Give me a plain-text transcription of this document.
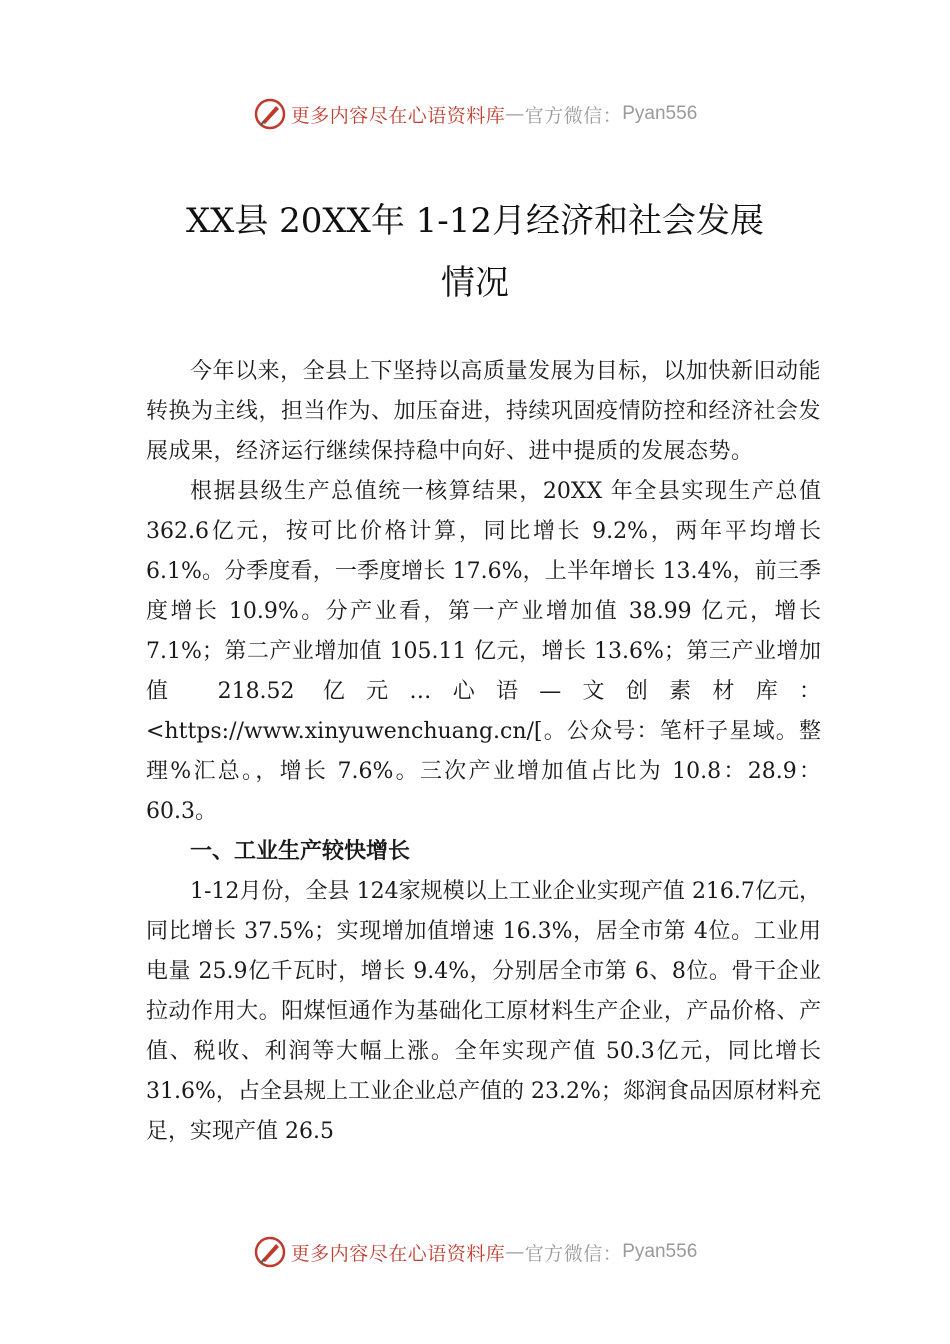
更多内容尽在心语资料库 — 官方微信： Pyan556
XX县 20XX年 1-12月经济和社会发展
情况

今年以来，全县上下坚持以高质量发展为目标，以加快新旧动能转换为主线，担当作为、加压奋进，持续巩固疫情防控和经济社会发展成果，经济运行继续保持稳中向好、进中提质的发展态势。

根据县级生产总值统一核算结果，20XX 年全县实现生产总值 362.6亿元，按可比价格计算，同比增长 9.2%，两年平均增长 6.1%。分季度看，一季度增长 17.6%，上半年增长 13.4%，前三季度增长 10.9%。分产业看，第一产业增加值 38.99 亿元，增长 7.1%；第二产业增加值 105.11 亿元，增长 13.6%；第三产业增加值 218.52 亿元…心语—文创素材库：<https://www.xinyuwenchuang.cn/[。公众号：笔杆子星域。整理%汇总。，增长 7.6%。三次产业增加值占比为 10.8：28.9：60.3。

一、工业生产较快增长

1-12月份，全县 124家规模以上工业企业实现产值 216.7亿元，同比增长 37.5%；实现增加值增速 16.3%，居全市第 4位。工业用电量 25.9亿千瓦时，增长 9.4%，分别居全市第 6、8位。骨干企业拉动作用大。阳煤恒通作为基础化工原材料生产企业，产品价格、产值、税收、利润等大幅上涨。全年实现产值 50.3亿元，同比增长 31.6%，占全县规上工业企业总产值的 23.2%；郯润食品因原材料充足，实现产值 26.5

更多内容尽在心语资料库 — 官方微信： Pyan556
